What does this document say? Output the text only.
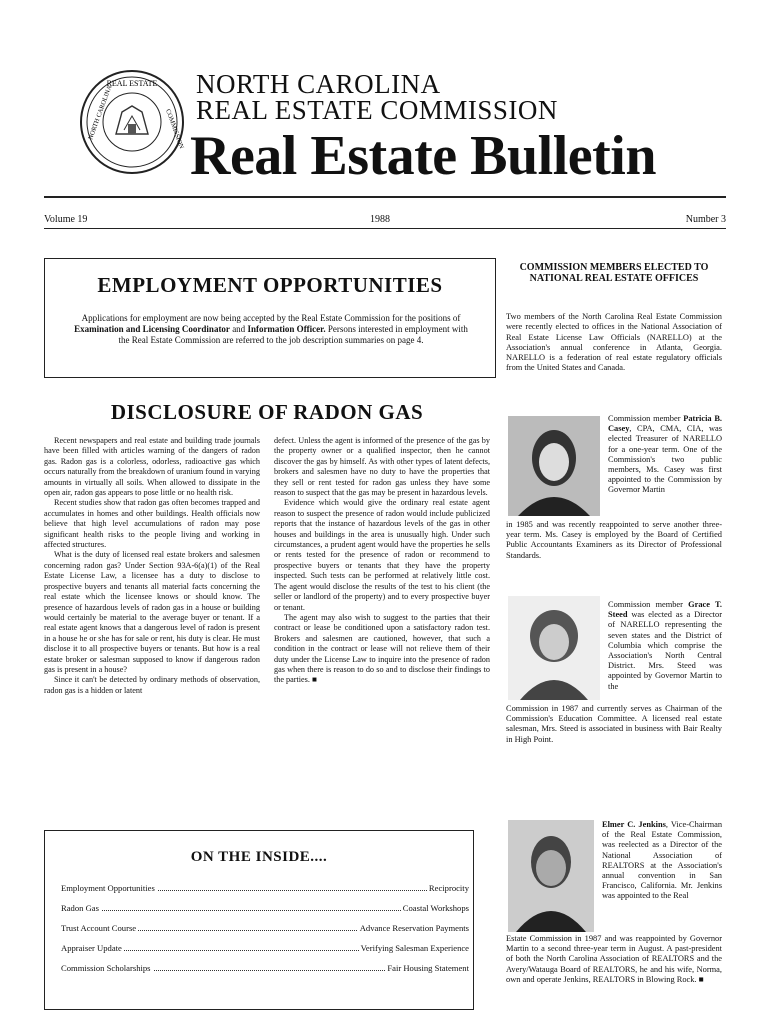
REAL ESTATE
NORTH CAROLINA	COMMISSION
NORTH CAROLINA
REAL ESTATE COMMISSION
Real Estate Bulletin
Volume 19	1988	Number 3
EMPLOYMENT OPPORTUNITIES
Applications for employment are now being accepted by the Real Estate Commission for the positions of Examination and Licensing Coordinator and Information Officer. Persons interested in employment with the Real Estate Commission are referred to the job description summaries on page 4.
COMMISSION MEMBERS ELECTED TO NATIONAL REAL ESTATE OFFICES
Two members of the North Carolina Real Estate Commission were recently elected to offices in the National Association of Real Estate License Law Officials (NARELLO) at the Association's annual conference in Atlanta, Georgia. NARELLO is a federation of real estate regulatory officials from the United States and Canada.
DISCLOSURE OF RADON GAS

Recent newspapers and real estate and building trade journals have been filled with articles warning of the dangers of radon gas. Radon gas is a colorless, odorless, radioactive gas which occurs naturally from the breakdown of uranium found in varying amounts in virtually all soils. When allowed to dissipate in the open air, radon gas appears to pose little or no health risk.

Recent studies show that radon gas often becomes trapped and accumulates in homes and other buildings. Health officials now believe that high level accumulations of radon may pose significant health risks to the people living and working in affected structures.

What is the duty of licensed real estate brokers and salesmen concerning radon gas? Under Section 93A-6(a)(1) of the Real Estate License Law, a licensee has a duty to disclose to prospective buyers and tenants all material facts concerning the real estate which the licensee knows or should know. The presence of hazardous levels of radon gas in a house or building would certainly be material to the average buyer or tenant. If a real estate agent knows that a dangerous level of radon is present in a house he or she has for sale or rent, his duty is clear. He must disclose it to all prospective buyers or tenants. But how is a real estate broker or salesman supposed to know if dangerous radon gas is present in a house?

Since it can't be detected by ordinary methods of observation, radon gas is a hidden or latent

defect. Unless the agent is informed of the presence of the gas by the property owner or a qualified inspector, then he cannot discover the gas by himself. As with other types of latent defects, brokers and salesmen have no duty to have the properties that they sell or rent tested for radon gas unless they have some reason to suspect that the gas may be present in hazardous levels.

Evidence which would give the ordinary real estate agent reason to suspect the presence of radon would include publicized reports that the instance of hazardous levels of the gas in other houses and buildings in the area is unusually high. Under such circumstances, a prudent agent would have the properties he sells or rents tested for the presence of radon or recommend to prospective buyers or tenants that they have the property inspected. Such tests can be performed at relatively little cost. The agent would disclose the results of the test to his client (the seller or landlord of the property) and to every prospective buyer or tenant.

The agent may also wish to suggest to the parties that their contract or lease be conditioned upon a satisfactory radon test. Brokers and salesmen are cautioned, however, that such a condition in the contract or lease will not relieve them of their duty under the License Law to inquire into the presence of radon gas when there is reason to do so and to disclose their findings to the parties. ■

Commission member Patricia B. Casey, CPA, CMA, CIA, was elected Treasurer of NARELLO for a one-year term. One of the Commission's two public members, Ms. Casey was first appointed to the Commission by Governor Martin
in 1985 and was recently reappointed to serve another three-year term. Ms. Casey is employed by the Board of Certified Public Accountants Examiners as its Director of Professional Standards.
Commission member Grace T. Steed was elected as a Director of NARELLO representing the seven states and the District of Columbia which comprise the Association's North Central District. Mrs. Steed was appointed by Governor Martin to the
Commission in 1987 and currently serves as Chairman of the Commission's Education Committee. A licensed real estate salesman, Mrs. Steed is associated in business with Bair Realty in High Point.
Elmer C. Jenkins, Vice-Chairman of the Real Estate Commission, was reelected as a Director of the National Association of REALTORS at the Association's annual convention in San Francisco, California. Mr. Jenkins was appointed to the Real
Estate Commission in 1987 and was reappointed by Governor Martin to a second three-year term in August. A past-president of both the North Carolina Association of REALTORS and the Avery/Watauga Board of REALTORS, he and his wife, Norma, own and operate Jenkins, REALTORS in Blowing Rock. ■
ON THE INSIDE....
Employment Opportunities	Reciprocity
Radon Gas	Coastal Workshops
Trust Account Course	Advance Reservation Payments
Appraiser Update	Verifying Salesman Experience
Commission Scholarships	Fair Housing Statement
